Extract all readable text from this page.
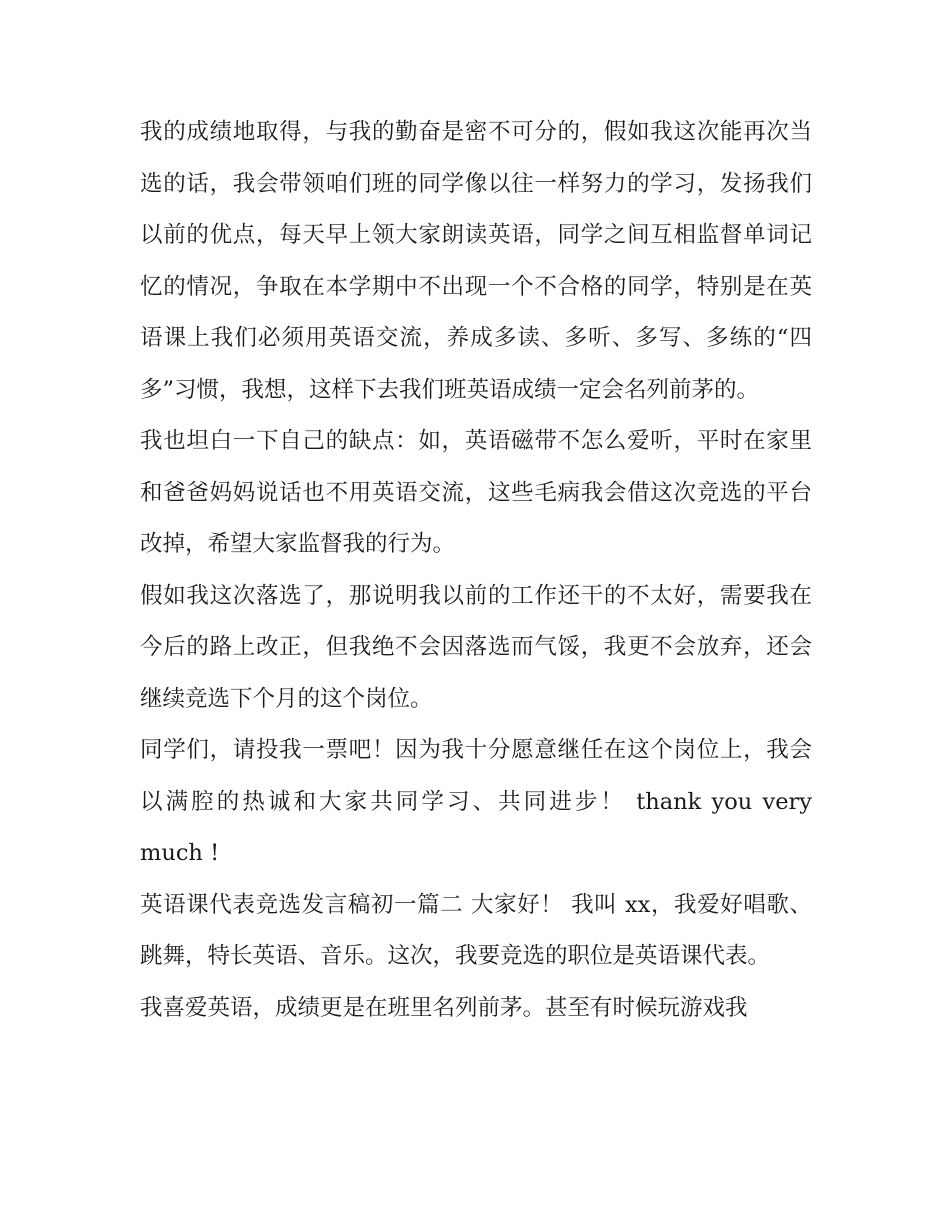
我的成绩地取得，与我的勤奋是密不可分的，假如我这次能再次当选的话，我会带领咱们班的同学像以往一样努力的学习，发扬我们以前的优点，每天早上领大家朗读英语，同学之间互相监督单词记忆的情况，争取在本学期中不出现一个不合格的同学，特别是在英语课上我们必须用英语交流，养成多读、多听、多写、多练的“四多”习惯，我想，这样下去我们班英语成绩一定会名列前茅的。

我也坦白一下自己的缺点：如，英语磁带不怎么爱听，平时在家里和爸爸妈妈说话也不用英语交流，这些毛病我会借这次竞选的平台改掉，希望大家监督我的行为。

假如我这次落选了，那说明我以前的工作还干的不太好，需要我在今后的路上改正，但我绝不会因落选而气馁，我更不会放弃，还会继续竞选下个月的这个岗位。

同学们，请投我一票吧！因为我十分愿意继任在这个岗位上，我会以满腔的热诚和大家共同学习、共同进步！ thank you very much !

英语课代表竞选发言稿初一篇二 大家好！ 我叫 xx，我爱好唱歌、跳舞，特长英语、音乐。这次，我要竞选的职位是英语课代表。

我喜爱英语，成绩更是在班里名列前茅。甚至有时候玩游戏我
